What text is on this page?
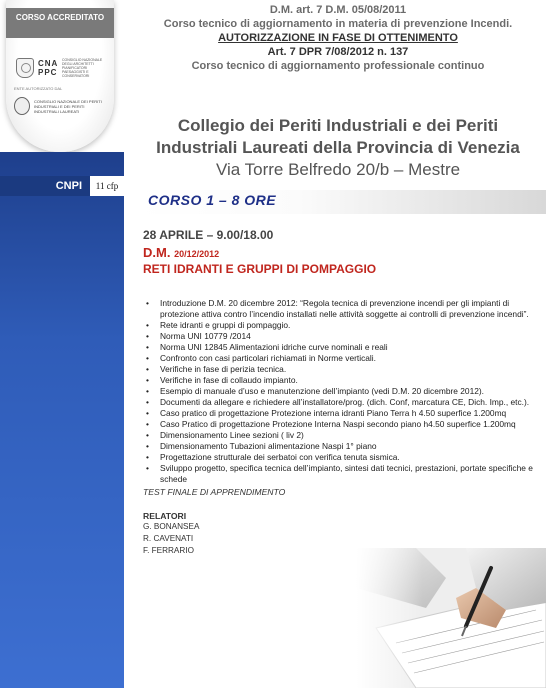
CORSO ACCREDITATO
CNA PPC
CONSIGLIO NAZIONALE DEGLI ARCHITETTI PIANIFICATORI PAESAGGISTI E CONSERVATORI
ENTE AUTORIZZATO DAL
CONSIGLIO NAZIONALE DEI PERITI INDUSTRIALI E DEI PERITI INDUSTRIALI LAUREATI
CNPI	11 cfp
D.M. art. 7 D.M. 05/08/2011
Corso tecnico di aggiornamento in materia di prevenzione Incendi.
AUTORIZZAZIONE IN FASE DI OTTENIMENTO
Art. 7 DPR 7/08/2012 n. 137
Corso tecnico di aggiornamento professionale continuo
Collegio dei Periti Industriali e dei Periti
Industriali Laureati della Provincia di Venezia
Via Torre Belfredo 20/b – Mestre
CORSO 1 – 8 ORE
28 APRILE – 9.00/18.00
D.M. 20/12/2012
RETI IDRANTI E GRUPPI DI POMPAGGIO
• Introduzione D.M. 20 dicembre 2012: “Regola tecnica di prevenzione incendi per gli impianti di protezione attiva contro l’incendio installati nelle attività soggette ai controlli di prevenzione incendi”.
• Rete idranti e gruppi di pompaggio.
• Norma UNI 10779 /2014
• Norma UNI 12845 Alimentazioni idriche curve nominali e reali
• Confronto con casi particolari richiamati in Norme verticali.
• Verifiche in fase di perizia tecnica.
• Verifiche in fase di collaudo impianto.
• Esempio di manuale d’uso e manutenzione dell’impianto (vedi D.M. 20 dicembre 2012).
• Documenti da allegare e richiedere all’installatore/prog. (dich. Conf, marcatura CE, Dich. Imp., etc.).
• Caso pratico di progettazione Protezione interna idranti Piano Terra h 4.50 superfice 1.200mq
• Caso Pratico di progettazione Protezione Interna Naspi secondo piano h4.50 superfice 1.200mq
• Dimensionamento Linee sezioni ( liv 2)
• Dimensionamento Tubazioni alimentazione Naspi 1° piano
• Progettazione strutturale dei serbatoi con verifica tenuta sismica.
• Sviluppo progetto, specifica tecnica dell’impianto, sintesi dati tecnici, prestazioni, portate specifiche e schede
TEST FINALE DI APPRENDIMENTO
RELATORI
G. BONANSEA
R. CAVENATI
F. FERRARIO
